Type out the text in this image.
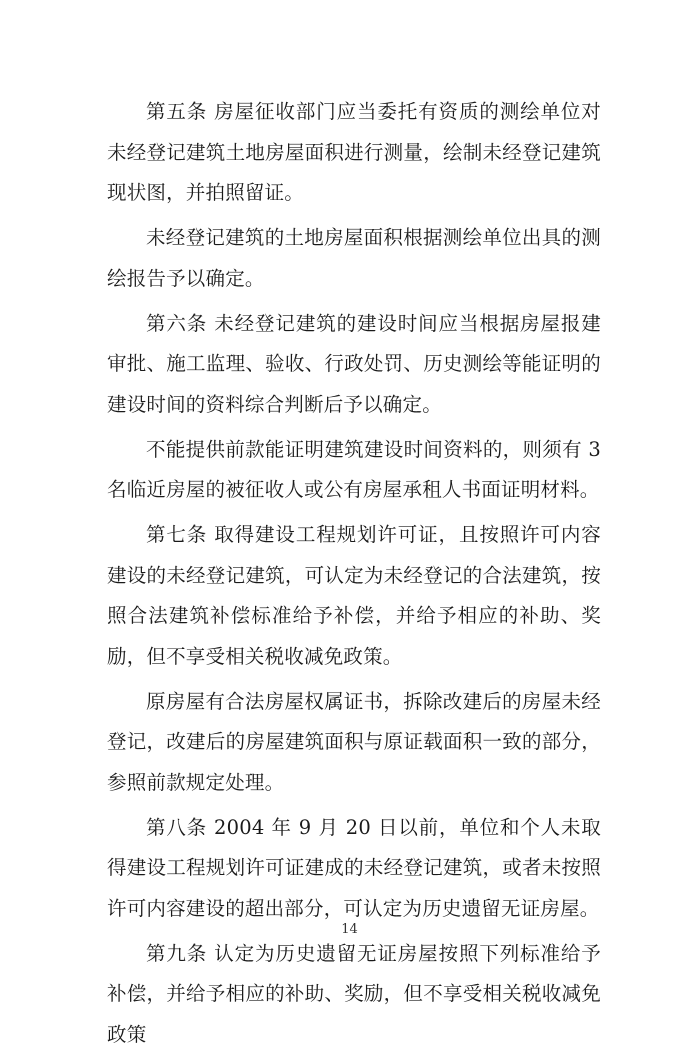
第五条 房屋征收部门应当委托有资质的测绘单位对未经登记建筑土地房屋面积进行测量，绘制未经登记建筑现状图，并拍照留证。

未经登记建筑的土地房屋面积根据测绘单位出具的测绘报告予以确定。

第六条 未经登记建筑的建设时间应当根据房屋报建审批、施工监理、验收、行政处罚、历史测绘等能证明的建设时间的资料综合判断后予以确定。

不能提供前款能证明建筑建设时间资料的，则须有 3 名临近房屋的被征收人或公有房屋承租人书面证明材料。

第七条 取得建设工程规划许可证，且按照许可内容建设的未经登记建筑，可认定为未经登记的合法建筑，按照合法建筑补偿标准给予补偿，并给予相应的补助、奖励，但不享受相关税收减免政策。

原房屋有合法房屋权属证书，拆除改建后的房屋未经登记，改建后的房屋建筑面积与原证载面积一致的部分，参照前款规定处理。

第八条 2004 年 9 月 20 日以前，单位和个人未取得建设工程规划许可证建成的未经登记建筑，或者未按照许可内容建设的超出部分，可认定为历史遗留无证房屋。

第九条 认定为历史遗留无证房屋按照下列标准给予补偿，并给予相应的补助、奖励，但不享受相关税收减免政策

14
